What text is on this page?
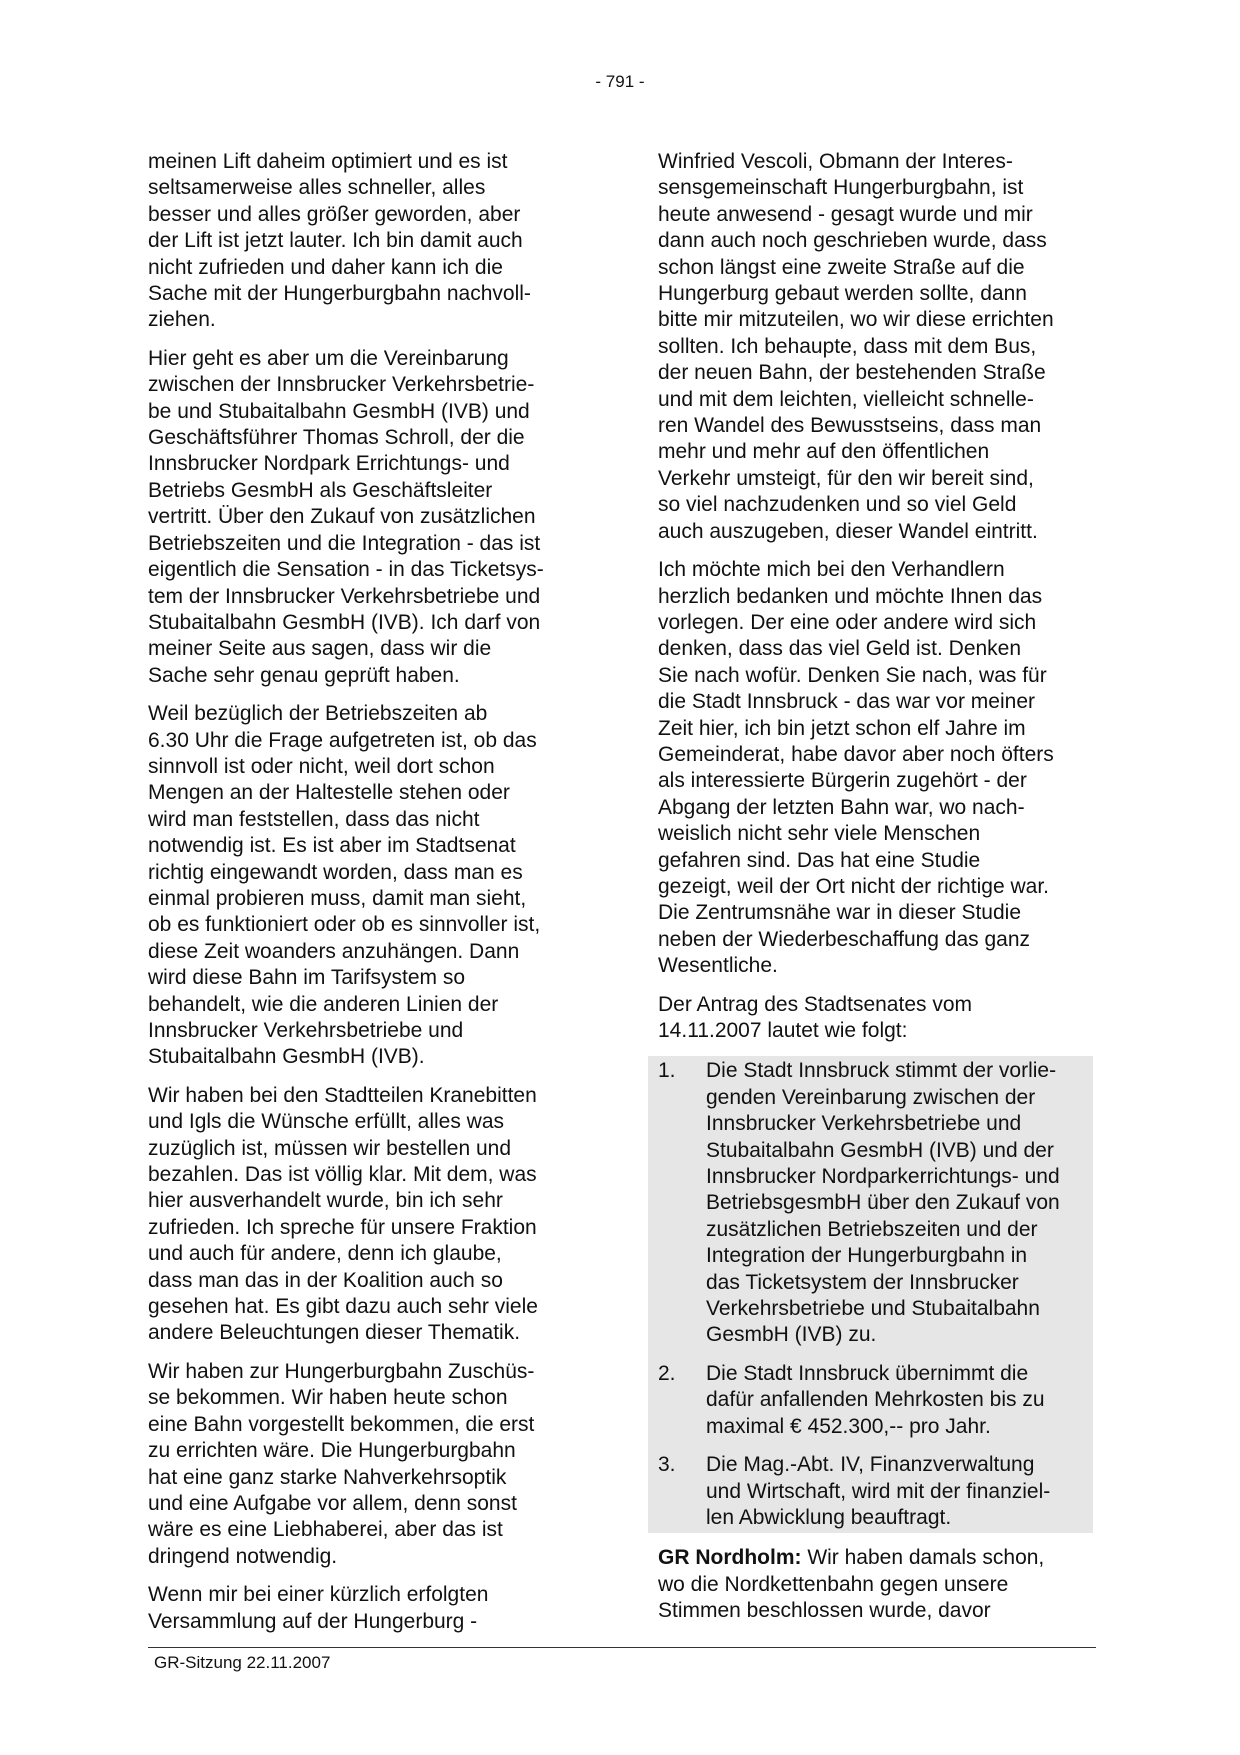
- 791 -

meinen Lift daheim optimiert und es ist
seltsamerweise alles schneller, alles
besser und alles größer geworden, aber
der Lift ist jetzt lauter. Ich bin damit auch
nicht zufrieden und daher kann ich die
Sache mit der Hungerburgbahn nachvoll-
ziehen.

Hier geht es aber um die Vereinbarung
zwischen der Innsbrucker Verkehrsbetrie-
be und Stubaitalbahn GesmbH (IVB) und
Geschäftsführer Thomas Schroll, der die
Innsbrucker Nordpark Errichtungs- und
Betriebs GesmbH als Geschäftsleiter
vertritt. Über den Zukauf von zusätzlichen
Betriebszeiten und die Integration - das ist
eigentlich die Sensation - in das Ticketsys-
tem der Innsbrucker Verkehrsbetriebe und
Stubaitalbahn GesmbH (IVB). Ich darf von
meiner Seite aus sagen, dass wir die
Sache sehr genau geprüft haben.

Weil bezüglich der Betriebszeiten ab
6.30 Uhr die Frage aufgetreten ist, ob das
sinnvoll ist oder nicht, weil dort schon
Mengen an der Haltestelle stehen oder
wird man feststellen, dass das nicht
notwendig ist. Es ist aber im Stadtsenat
richtig eingewandt worden, dass man es
einmal probieren muss, damit man sieht,
ob es funktioniert oder ob es sinnvoller ist,
diese Zeit woanders anzuhängen. Dann
wird diese Bahn im Tarifsystem so
behandelt, wie die anderen Linien der
Innsbrucker Verkehrsbetriebe und
Stubaitalbahn GesmbH (IVB).

Wir haben bei den Stadtteilen Kranebitten
und Igls die Wünsche erfüllt, alles was
zuzüglich ist, müssen wir bestellen und
bezahlen. Das ist völlig klar. Mit dem, was
hier ausverhandelt wurde, bin ich sehr
zufrieden. Ich spreche für unsere Fraktion
und auch für andere, denn ich glaube,
dass man das in der Koalition auch so
gesehen hat. Es gibt dazu auch sehr viele
andere Beleuchtungen dieser Thematik.

Wir haben zur Hungerburgbahn Zuschüs-
se bekommen. Wir haben heute schon
eine Bahn vorgestellt bekommen, die erst
zu errichten wäre. Die Hungerburgbahn
hat eine ganz starke Nahverkehrsoptik
und eine Aufgabe vor allem, denn sonst
wäre es eine Liebhaberei, aber das ist
dringend notwendig.

Wenn mir bei einer kürzlich erfolgten
Versammlung auf der Hungerburg -

Winfried Vescoli, Obmann der Interes-
sensgemeinschaft Hungerburgbahn, ist
heute anwesend - gesagt wurde und mir
dann auch noch geschrieben wurde, dass
schon längst eine zweite Straße auf die
Hungerburg gebaut werden sollte, dann
bitte mir mitzuteilen, wo wir diese errichten
sollten. Ich behaupte, dass mit dem Bus,
der neuen Bahn, der bestehenden Straße
und mit dem leichten, vielleicht schnelle-
ren Wandel des Bewusstseins, dass man
mehr und mehr auf den öffentlichen
Verkehr umsteigt, für den wir bereit sind,
so viel nachzudenken und so viel Geld
auch auszugeben, dieser Wandel eintritt.

Ich möchte mich bei den Verhandlern
herzlich bedanken und möchte Ihnen das
vorlegen. Der eine oder andere wird sich
denken, dass das viel Geld ist. Denken
Sie nach wofür. Denken Sie nach, was für
die Stadt Innsbruck - das war vor meiner
Zeit hier, ich bin jetzt schon elf Jahre im
Gemeinderat, habe davor aber noch öfters
als interessierte Bürgerin zugehört - der
Abgang der letzten Bahn war, wo nach-
weislich nicht sehr viele Menschen
gefahren sind. Das hat eine Studie
gezeigt, weil der Ort nicht der richtige war.
Die Zentrumsnähe war in dieser Studie
neben der Wiederbeschaffung das ganz
Wesentliche.

Der Antrag des Stadtsenates vom
14.11.2007 lautet wie folgt:

1.	Die Stadt Innsbruck stimmt der vorlie-
genden Vereinbarung zwischen der
Innsbrucker Verkehrsbetriebe und
Stubaitalbahn GesmbH (IVB) und der
Innsbrucker Nordparkerrichtungs- und
BetriebsgesmbH über den Zukauf von
zusätzlichen Betriebszeiten und der
Integration der Hungerburgbahn in
das Ticketsystem der Innsbrucker
Verkehrsbetriebe und Stubaitalbahn
GesmbH (IVB) zu.
2.	Die Stadt Innsbruck übernimmt die
dafür anfallenden Mehrkosten bis zu
maximal € 452.300,-- pro Jahr.
3.	Die Mag.-Abt. IV, Finanzverwaltung
und Wirtschaft, wird mit der finanziel-
len Abwicklung beauftragt.

GR Nordholm: Wir haben damals schon,
wo die Nordkettenbahn gegen unsere
Stimmen beschlossen wurde, davor

GR-Sitzung 22.11.2007
